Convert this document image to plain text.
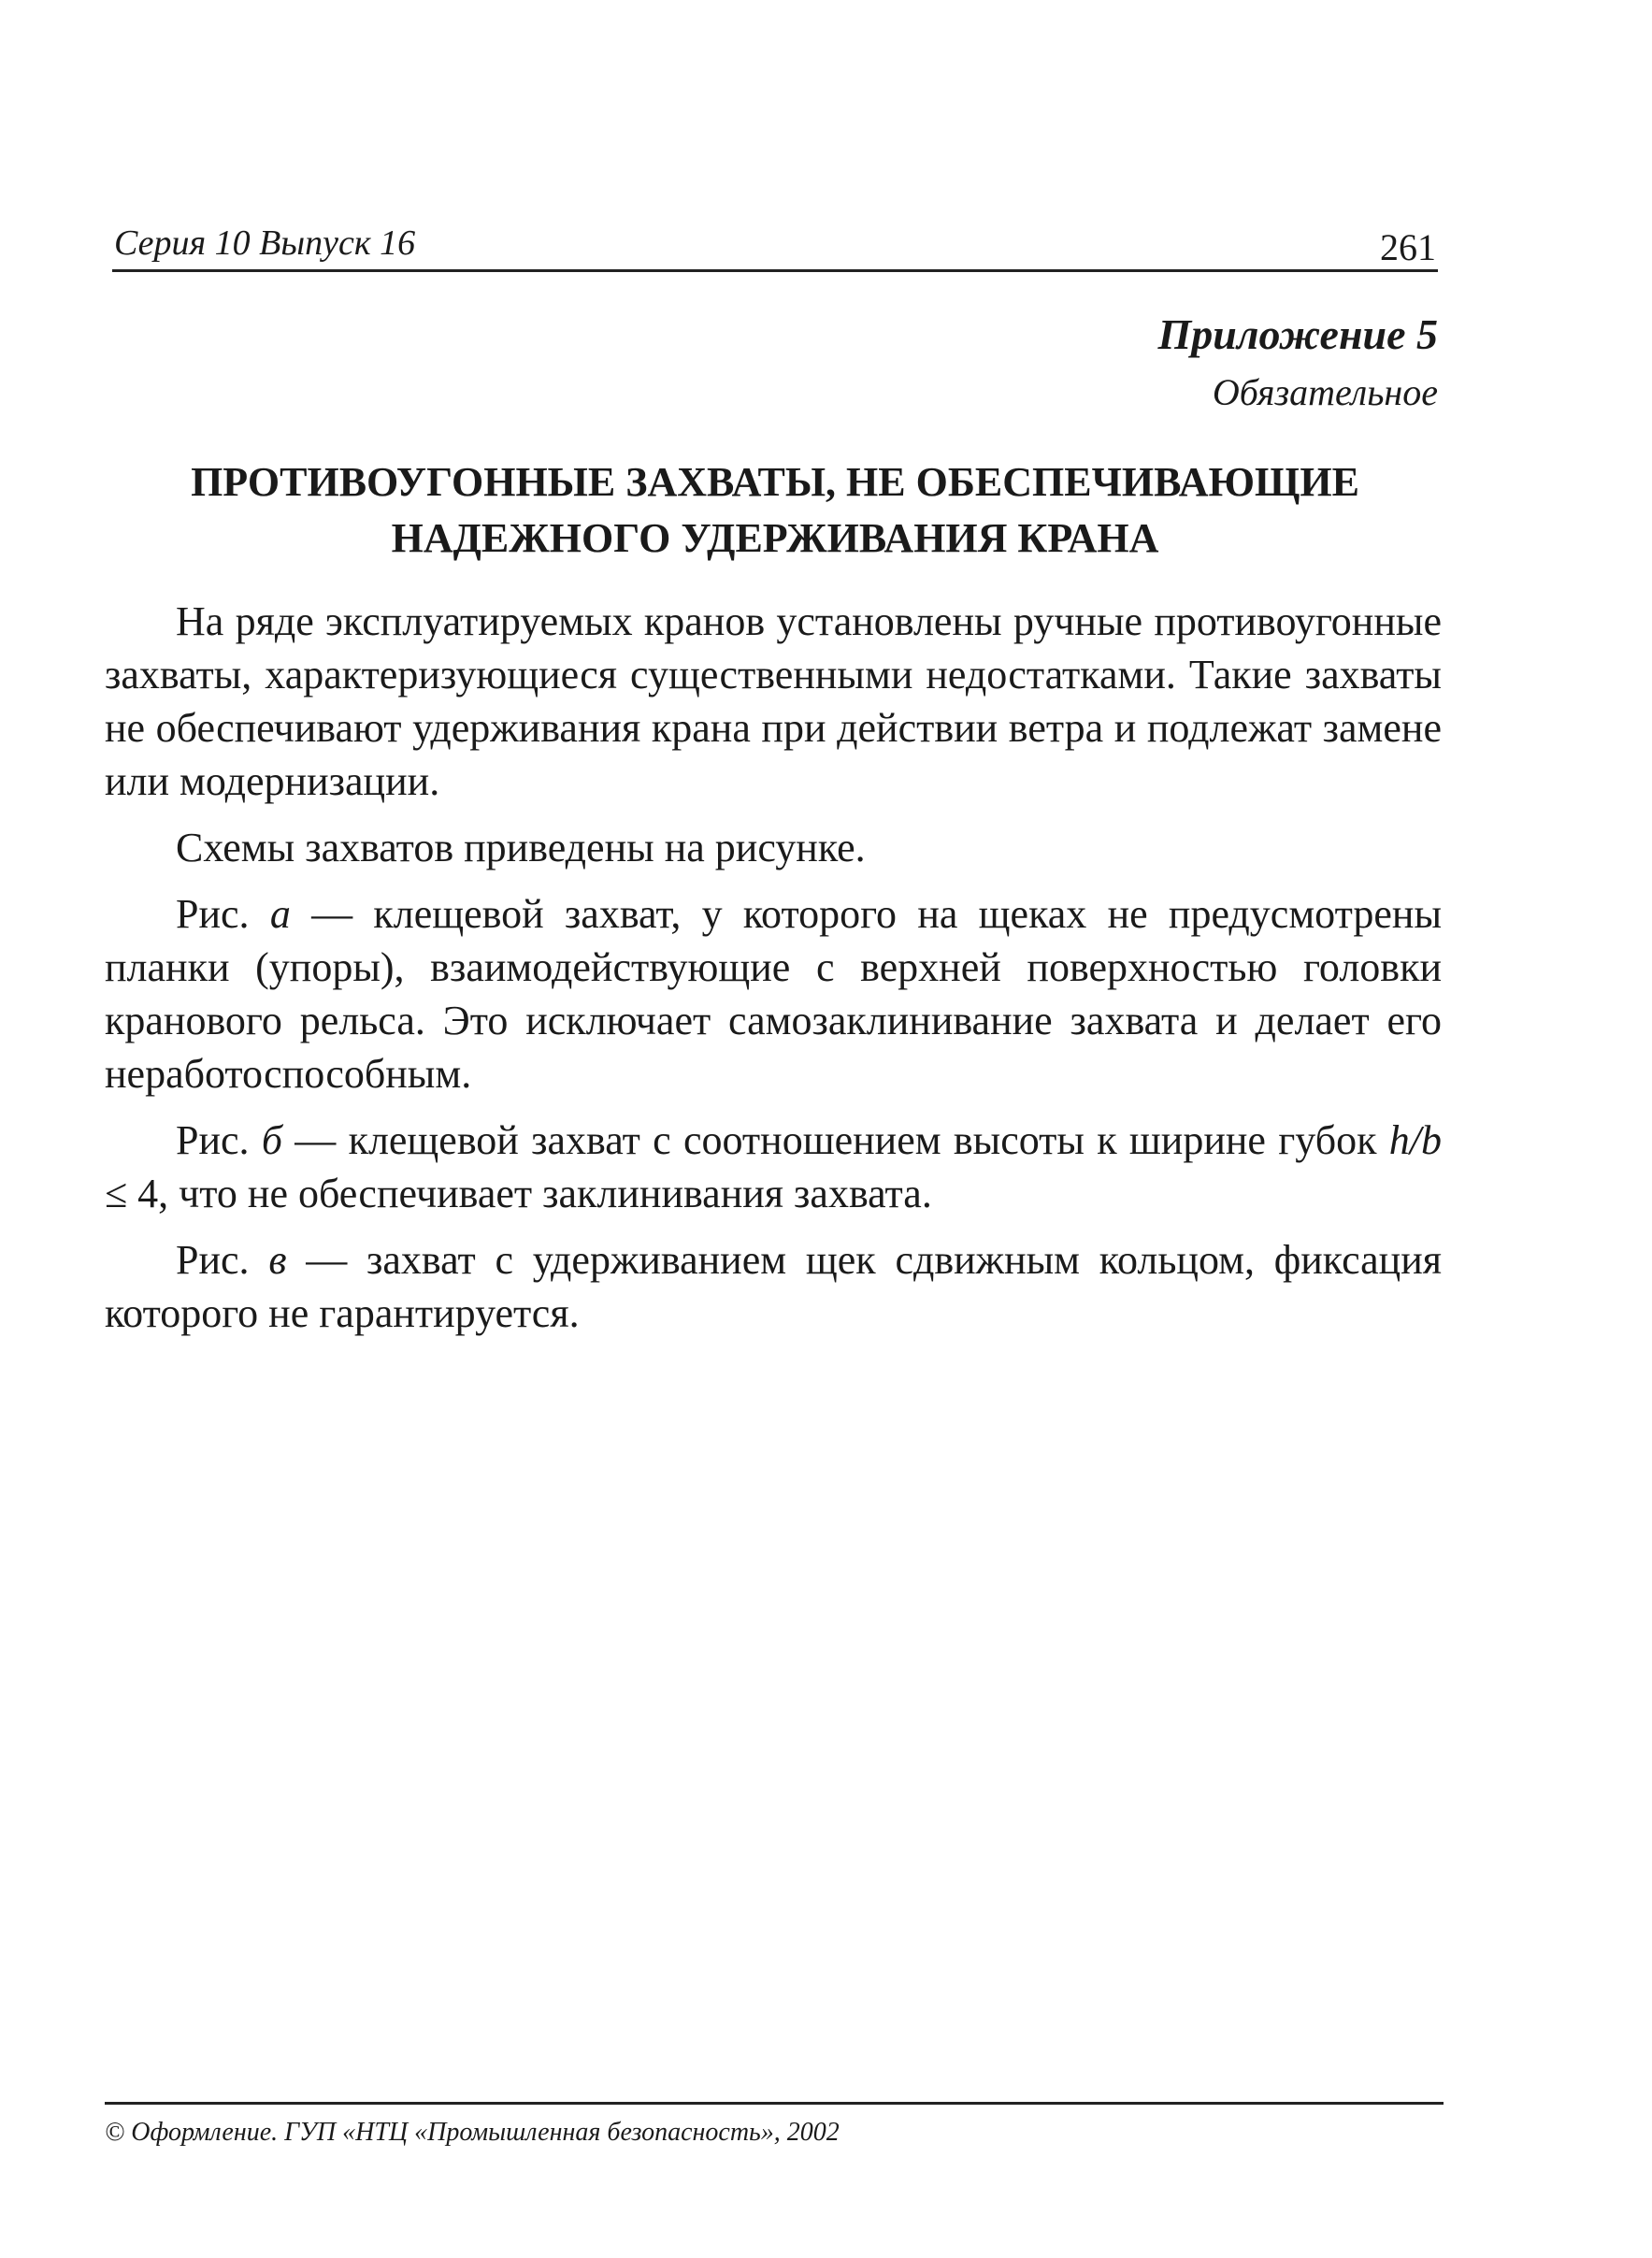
Серия 10 Выпуск 16	261
Приложение 5
Обязательное
ПРОТИВОУГОННЫЕ ЗАХВАТЫ, НЕ ОБЕСПЕЧИВАЮЩИЕ
НАДЕЖНОГО УДЕРЖИВАНИЯ КРАНА

На ряде эксплуатируемых кранов установлены ручные противоугонные захваты, характеризующиеся существенными недостатками. Такие захваты не обеспечивают удерживания крана при действии ветра и подлежат замене или модернизации.

Схемы захватов приведены на рисунке.

Рис. а — клещевой захват, у которого на щеках не предусмотрены планки (упоры), взаимодействующие с верхней поверхностью головки кранового рельса. Это исключает самозаклинивание захвата и делает его неработоспособным.

Рис. б — клещевой захват с соотношением высоты к ширине губок h/b ≤ 4, что не обеспечивает заклинивания захвата.

Рис. в — захват с удерживанием щек сдвижным кольцом, фиксация которого не гарантируется.

© Оформление. ГУП «НТЦ «Промышленная безопасность», 2002
